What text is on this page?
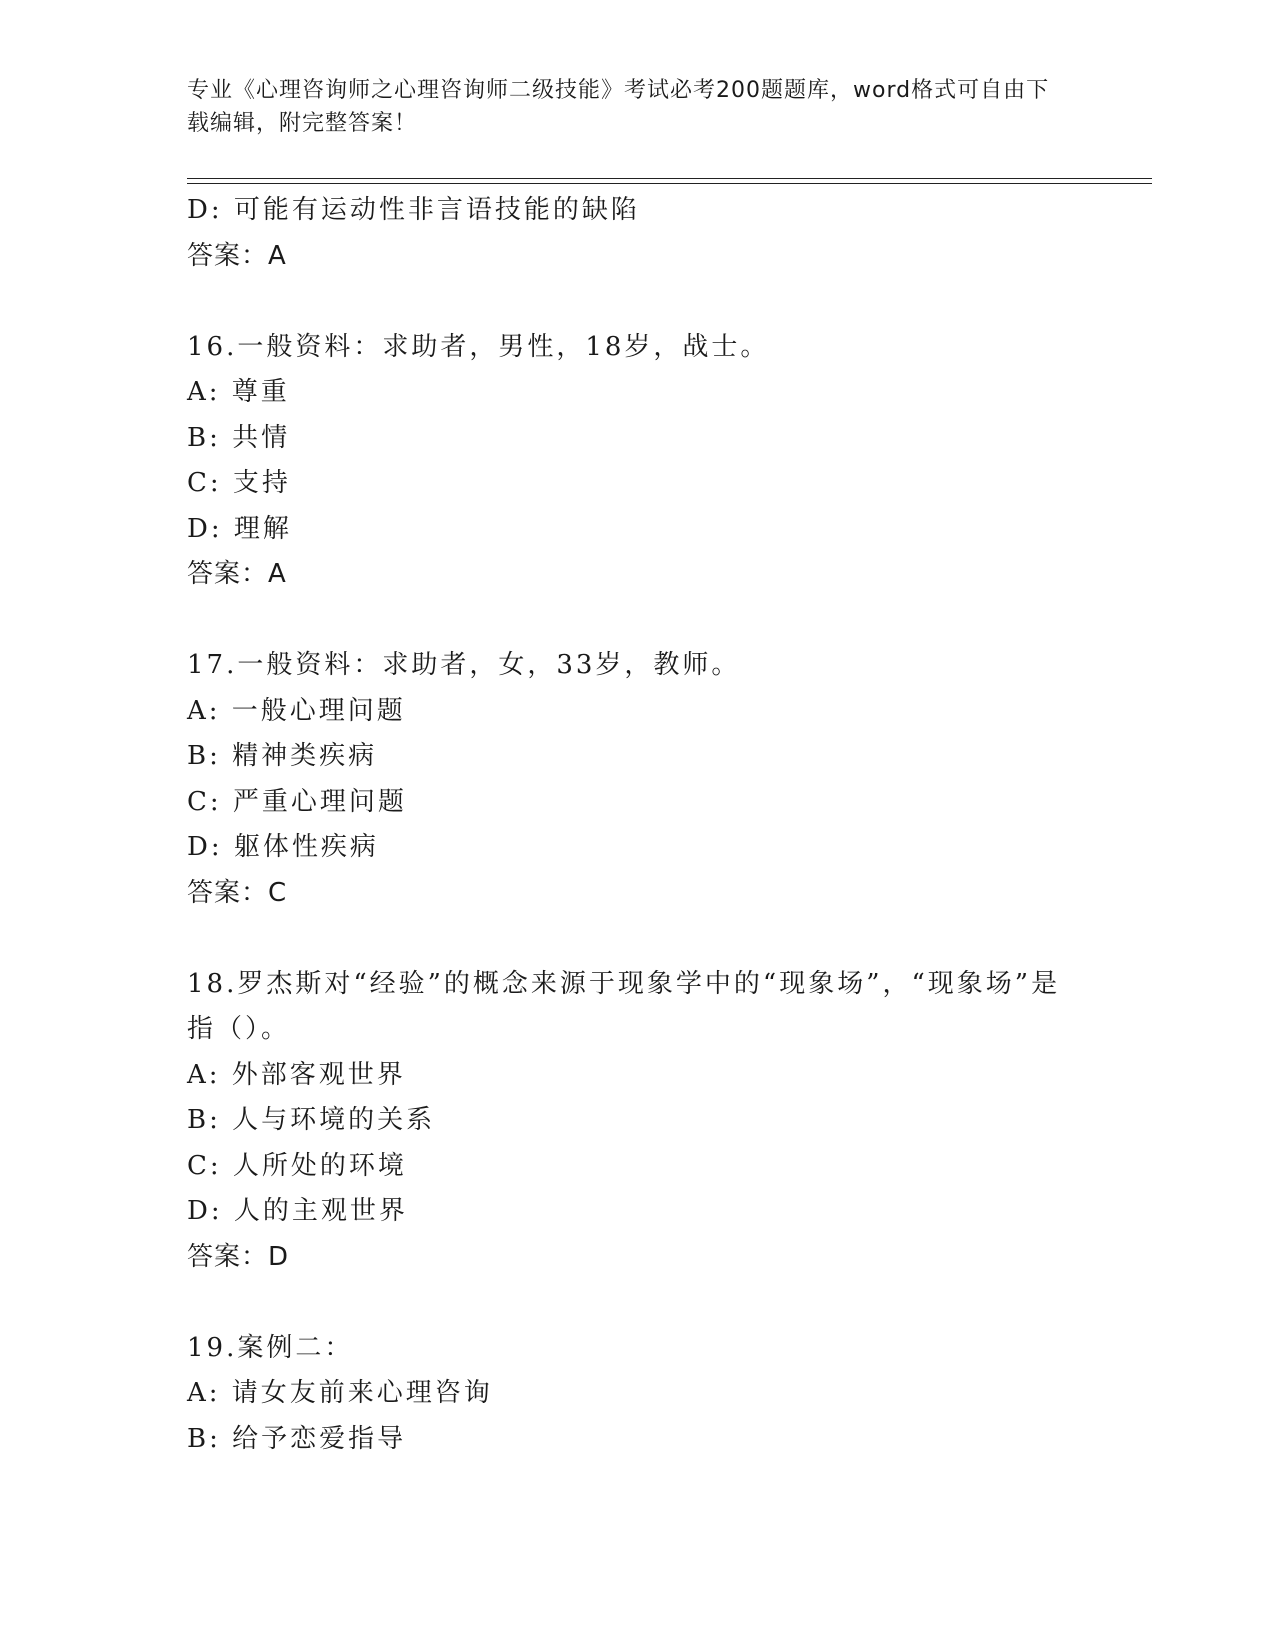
专业《心理咨询师之心理咨询师二级技能》考试必考200题题库，word格式可自由下载编辑，附完整答案！
D: 可能有运动性非言语技能的缺陷
答案：A
16.一般资料：求助者，男性，18岁，战士。
A: 尊重
B: 共情
C: 支持
D: 理解
答案：A
17.一般资料：求助者，女，33岁，教师。
A: 一般心理问题
B: 精神类疾病
C: 严重心理问题
D: 躯体性疾病
答案：C
18.罗杰斯对“经验”的概念来源于现象学中的“现象场”，“现象场”是指（）。
A: 外部客观世界
B: 人与环境的关系
C: 人所处的环境
D: 人的主观世界
答案：D
19.案例二：
A: 请女友前来心理咨询
B: 给予恋爱指导
